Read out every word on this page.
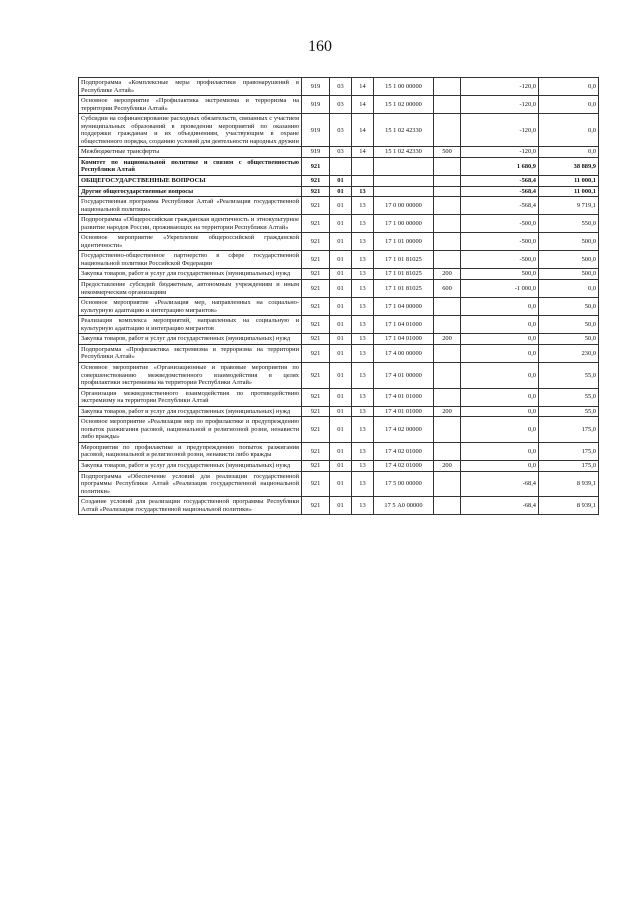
160
Подпрограмма «Комплексные меры профилактики правонарушений в Республике Алтай»	919	03	14	15 1 00 00000		-120,0	0,0
Основное мероприятие «Профилактика экстремизма и терроризма на территории Республики Алтай»	919	03	14	15 1 02 00000		-120,0	0,0
Субсидии на софинансирование расходных обязательств, связанных с участием муниципальных образований в проведении мероприятий по оказанию поддержки гражданам и их объединениям, участвующим в охране общественного порядка, созданию условий для деятельности народных дружин	919	03	14	15 1 02 42330		-120,0	0,0
Межбюджетные трансферты	919	03	14	15 1 02 42330	500	-120,0	0,0
Комитет по национальной политике и связям с общественностью Республики Алтай	921					1 680,9	38 889,9
ОБЩЕГОСУДАРСТВЕННЫЕ ВОПРОСЫ	921	01				-568,4	11 000,1
Другие общегосударственные вопросы	921	01	13			-568,4	11 000,1
Государственная программа Республики Алтай «Реализация государственной национальной политики»	921	01	13	17 0 00 00000		-568,4	9 719,1
Подпрограмма «Общероссийская гражданская идентичность и этнокультурное развитие народов России, проживающих на территории Республики Алтай»	921	01	13	17 1 00 00000		-500,0	550,0
Основное мероприятие «Укрепление общероссийской гражданской идентичности»	921	01	13	17 1 01 00000		-500,0	500,0
Государственно-общественное партнерство в сфере государственной национальной политики Российской Федерации	921	01	13	17 1 01 81025		-500,0	500,0
Закупка товаров, работ и услуг для государственных (муниципальных) нужд	921	01	13	17 1 01 81025	200	500,0	500,0
Предоставление субсидий бюджетным, автономным учреждениям и иным некоммерческим организациям	921	01	13	17 1 01 81025	600	-1 000,0	0,0
Основное мероприятие «Реализация мер, направленных на социально-культурную адаптацию и интеграцию мигрантов»	921	01	13	17 1 04 00000		0,0	50,0
Реализация комплекса мероприятий, направленных на социальную и культурную адаптацию и интеграцию мигрантов	921	01	13	17 1 04 01000		0,0	50,0
Закупка товаров, работ и услуг для государственных (муниципальных) нужд	921	01	13	17 1 04 01000	200	0,0	50,0
Подпрограмма «Профилактика экстремизма и терроризма на территории Республики Алтай»	921	01	13	17 4 00 00000		0,0	230,0
Основное мероприятие «Организационные и правовые мероприятия по совершенствованию межведомственного взаимодействия в целях профилактики экстремизма на территории Республики Алтай»	921	01	13	17 4 01 00000		0,0	55,0
Организация межведомственного взаимодействия по противодействию экстремизму на территории Республики Алтай	921	01	13	17 4 01 01000		0,0	55,0
Закупка товаров, работ и услуг для государственных (муниципальных) нужд	921	01	13	17 4 01 01000	200	0,0	55,0
Основное мероприятие «Реализация мер по профилактике и предупреждению попыток разжигания расовой, национальной и религиозной розни, ненависти либо вражды»	921	01	13	17 4 02 00000		0,0	175,0
Мероприятия по профилактике и предупреждению попыток разжигания расовой, национальной и религиозной розни, ненависти либо вражды	921	01	13	17 4 02 01000		0,0	175,0
Закупка товаров, работ и услуг для государственных (муниципальных) нужд	921	01	13	17 4 02 01000	200	0,0	175,0
Подпрограмма «Обеспечение условий для реализации государственной программы Республики Алтай «Реализация государственной национальной политики»	921	01	13	17 5 00 00000		-68,4	8 939,1
Создание условий для реализации государственной программы Республики Алтай «Реализация государственной национальной политики»	921	01	13	17 5 А0 00000		-68,4	8 939,1
